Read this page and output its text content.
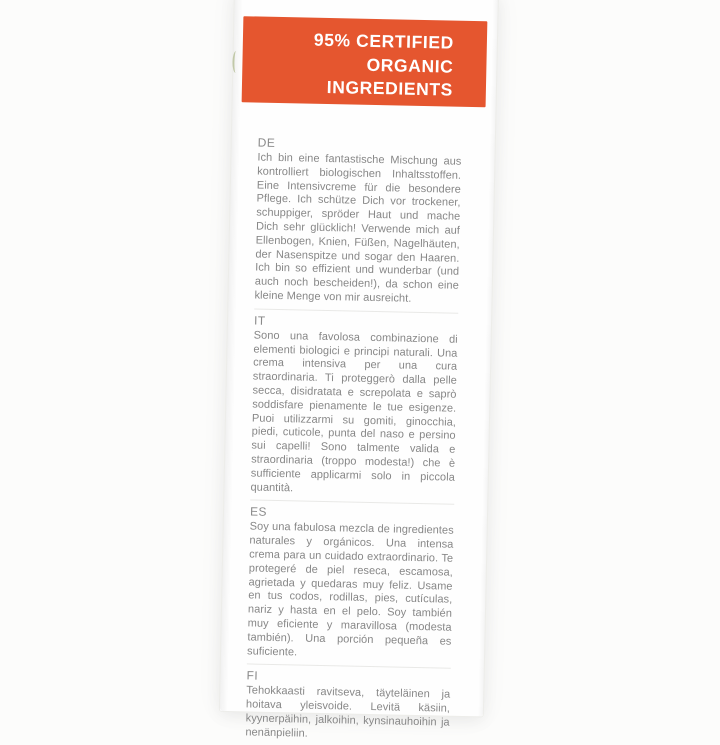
95% CERTIFIED
ORGANIC
INGREDIENTS
DE
Ich bin eine fantastische Mischung aus kontrolliert biologischen Inhaltsstoffen. Eine Intensivcreme für die besondere Pflege. Ich schütze Dich vor trockener, schuppiger, spröder Haut und mache Dich sehr glücklich! Verwende mich auf Ellenbogen, Knien, Füßen, Nagelhäuten, der Nasenspitze und sogar den Haaren. Ich bin so effizient und wunderbar (und auch noch bescheiden!), da schon eine kleine Menge von mir ausreicht.
IT
Sono una favolosa combinazione di elementi biologici e principi naturali. Una crema intensiva per una cura straordinaria. Ti proteggerò dalla pelle secca, disidratata e screpolata e saprò soddisfare pienamente le tue esigenze. Puoi utilizzarmi su gomiti, ginocchia, piedi, cuticole, punta del naso e persino sui capelli! Sono talmente valida e straordinaria (troppo modesta!) che è sufficiente applicarmi solo in piccola quantità.
ES
Soy una fabulosa mezcla de ingredientes naturales y orgánicos. Una intensa crema para un cuidado extraordinario. Te protegeré de piel reseca, escamosa, agrietada y quedaras muy feliz. Usame en tus codos, rodillas, pies, cutículas, nariz y hasta en el pelo. Soy también muy eficiente y maravillosa (modesta también). Una porción pequeña es suficiente.
FI
Tehokkaasti ravitseva, täyteläinen ja hoitava yleisvoide. Levitä käsiin, kyynerpäihin, jalkoihin, kynsinauhoihin ja nenänpieliin.
